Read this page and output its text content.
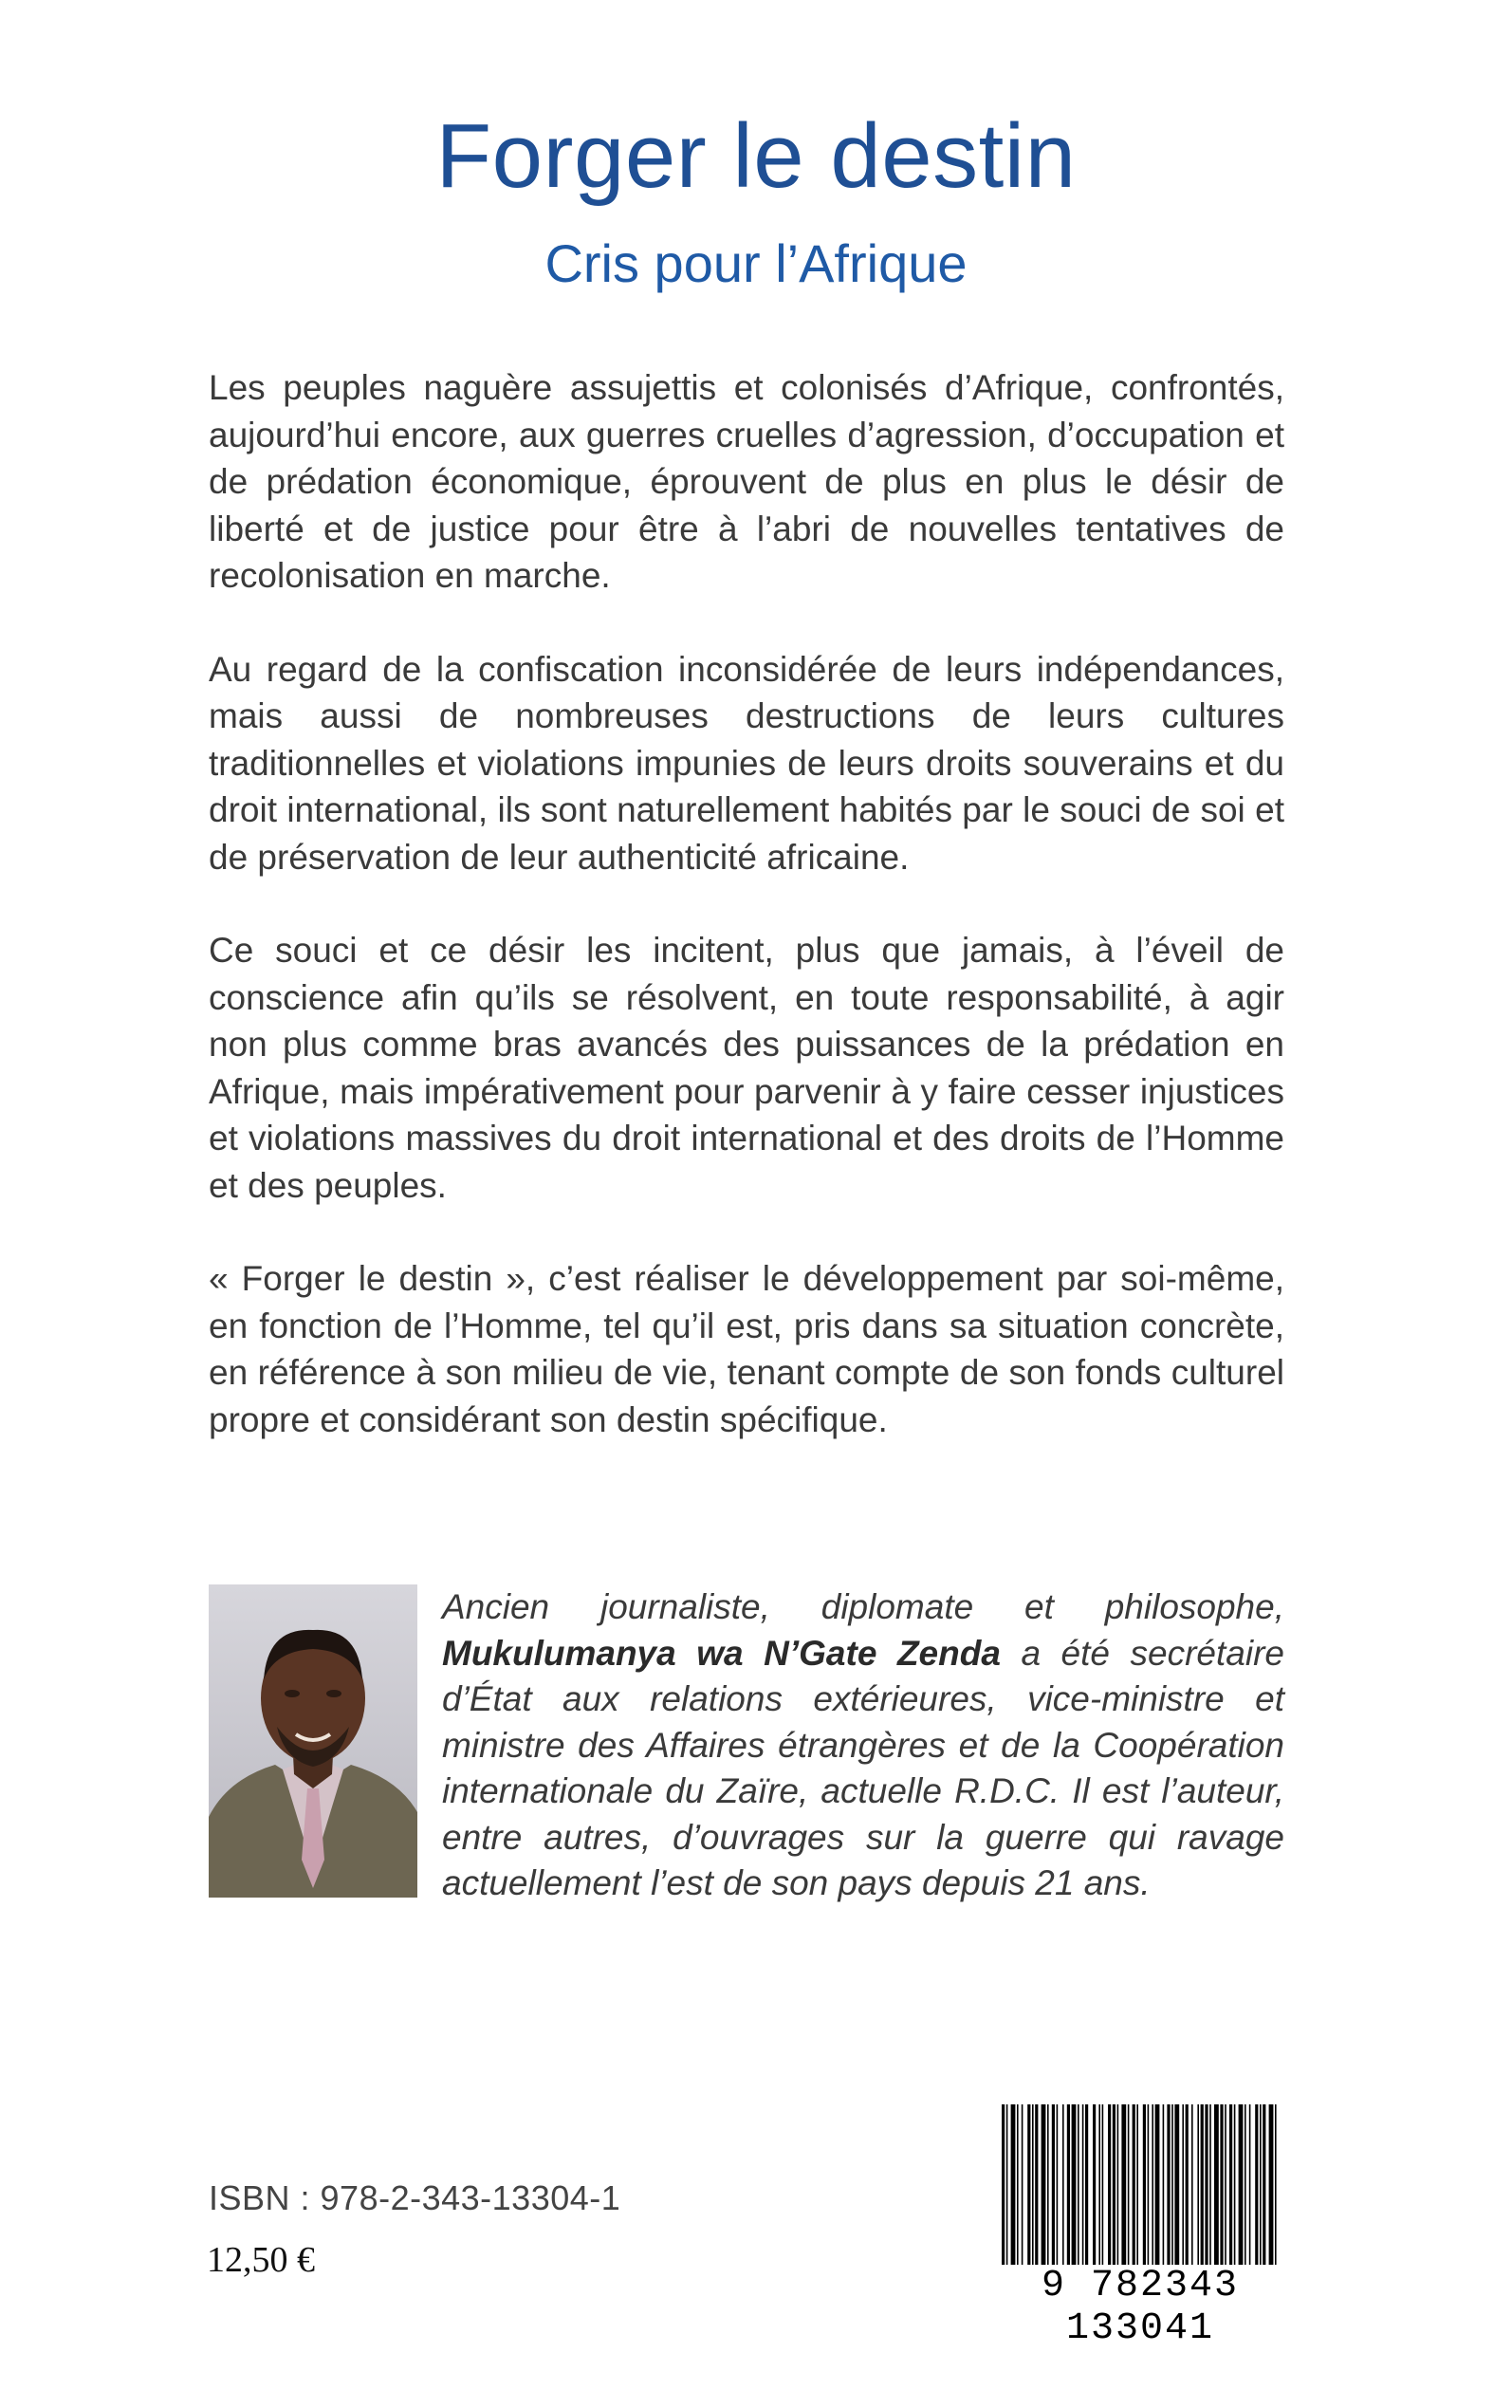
Forger le destin
Cris pour l’Afrique

Les peuples naguère assujettis et colonisés d’Afrique, confrontés, aujourd’hui encore, aux guerres cruelles d’agression, d’occupation et de prédation économique, éprouvent de plus en plus le désir de liberté et de justice pour être à l’abri de nouvelles tentatives de recolonisation en marche.

Au regard de la confiscation inconsidérée de leurs indépendances, mais aussi de nombreuses destructions de leurs cultures traditionnelles et violations impunies de leurs droits souverains et du droit international, ils sont naturellement habités par le souci de soi et de préservation de leur authenticité africaine.

Ce souci et ce désir les incitent, plus que jamais, à l’éveil de conscience afin qu’ils se résolvent, en toute responsabilité, à agir non plus comme bras avancés des puissances de la prédation en Afrique, mais impérativement pour parvenir à y faire cesser injustices et violations massives du droit international et des droits de l’Homme et des peuples.

« Forger le destin », c’est réaliser le développement par soi-même, en fonction de l’Homme, tel qu’il est, pris dans sa situation concrète, en référence à son milieu de vie, tenant compte de son fonds culturel propre et considérant son destin spécifique.

Ancien journaliste, diplomate et philosophe, Mukulumanya wa N’Gate Zenda a été secrétaire d’État aux relations extérieures, vice-ministre et ministre des Affaires étrangères et de la Coopération internationale du Zaïre, actuelle R.D.C. Il est l’auteur, entre autres, d’ouvrages sur la guerre qui ravage actuellement l’est de son pays depuis 21 ans.

ISBN : 978-2-343-13304-1

12,50 €

9 782343 133041
